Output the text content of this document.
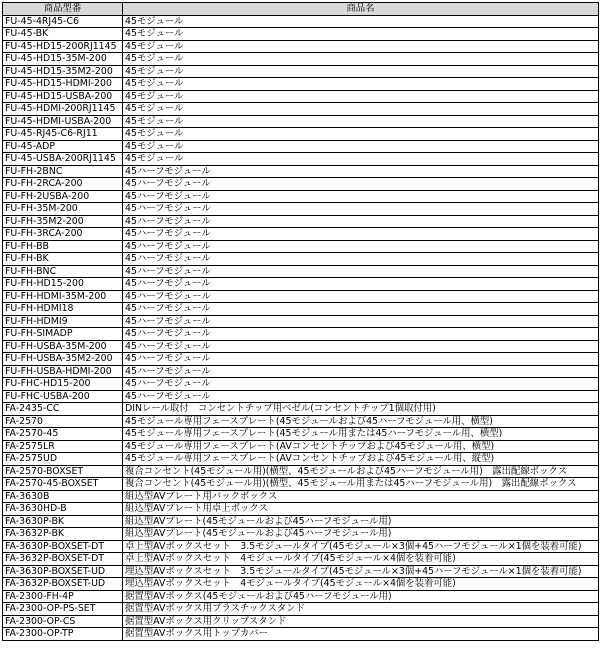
商品型番	商品名
FU-45-4RJ45-C6	45モジュール
FU-45-BK	45モジュール
FU-45-HD15-200RJ1145	45モジュール
FU-45-HD15-35M-200	45モジュール
FU-45-HD15-35M2-200	45モジュール
FU-45-HD15-HDMI-200	45モジュール
FU-45-HD15-USBA-200	45モジュール
FU-45-HDMI-200RJ1145	45モジュール
FU-45-HDMI-USBA-200	45モジュール
FU-45-RJ45-C6-RJ11	45モジュール
FU-45-ADP	45モジュール
FU-45-USBA-200RJ1145	45モジュール
FU-FH-2BNC	45ハーフモジュール
FU-FH-2RCA-200	45ハーフモジュール
FU-FH-2USBA-200	45ハーフモジュール
FU-FH-35M-200	45ハーフモジュール
FU-FH-35M2-200	45ハーフモジュール
FU-FH-3RCA-200	45ハーフモジュール
FU-FH-BB	45ハーフモジュール
FU-FH-BK	45ハーフモジュール
FU-FH-BNC	45ハーフモジュール
FU-FH-HD15-200	45ハーフモジュール
FU-FH-HDMI-35M-200	45ハーフモジュール
FU-FH-HDMI18	45ハーフモジュール
FU-FH-HDMI9	45ハーフモジュール
FU-FH-SIMADP	45ハーフモジュール
FU-FH-USBA-35M-200	45ハーフモジュール
FU-FH-USBA-35M2-200	45ハーフモジュール
FU-FH-USBA-HDMI-200	45ハーフモジュール
FU-FHC-HD15-200	45ハーフモジュール
FU-FHC-USBA-200	45ハーフモジュール
FA-2435-CC	DINレール取付　コンセントチップ用ベゼル(コンセントチップ1個取付用)
FA-2570	45モジュール専用フェースプレート(45モジュールおよび45ハーフモジュール用、横型)
FA-2570-45	45モジュール専用フェースプレート(45モジュール用または45ハーフモジュール用、横型)
FA-2575LR	45モジュール専用フェースプレート(AVコンセントチップおよび45モジュール用、横型)
FA-2575UD	45モジュール専用フェースプレート(AVコンセントチップおよび45モジュール用、縦型)
FA-2570-BOXSET	複合コンセント(45モジュール用)(横型、45モジュールおよび45ハーフモジュール用)　露出配線ボックス
FA-2570-45-BOXSET	複合コンセント(45モジュール用)(横型、45モジュール用または45ハーフモジュール用)　露出配線ボックス
FA-3630B	組込型AVプレート用バックボックス
FA-3630HD-B	組込型AVプレート用卓上ボックス
FA-3630P-BK	組込型AVプレート(45モジュールおよび45ハーフモジュール用)
FA-3632P-BK	組込型AVプレート(45モジュールおよび45ハーフモジュール用)
FA-3630P-BOXSET-DT	卓上型AVボックスセット　3.5モジュールタイプ(45モジュール×3個+45ハーフモジュール×1個を装着可能)
FA-3632P-BOXSET-DT	卓上型AVボックスセット　4モジュールタイプ(45モジュール×4個を装着可能)
FA-3630P-BOXSET-UD	埋込型AVボックスセット　3.5モジュールタイプ(45モジュール×3個+45ハーフモジュール×1個を装着可能)
FA-3632P-BOXSET-UD	埋込型AVボックスセット　4モジュールタイプ(45モジュール×4個を装着可能)
FA-2300-FH-4P	据置型AVボックス(45モジュールおよび45ハーフモジュール用)
FA-2300-OP-PS-SET	据置型AVボックス用プラスチックスタンド
FA-2300-OP-CS	据置型AVボックス用クリップスタンド
FA-2300-OP-TP	据置型AVボックス用トップカバー
